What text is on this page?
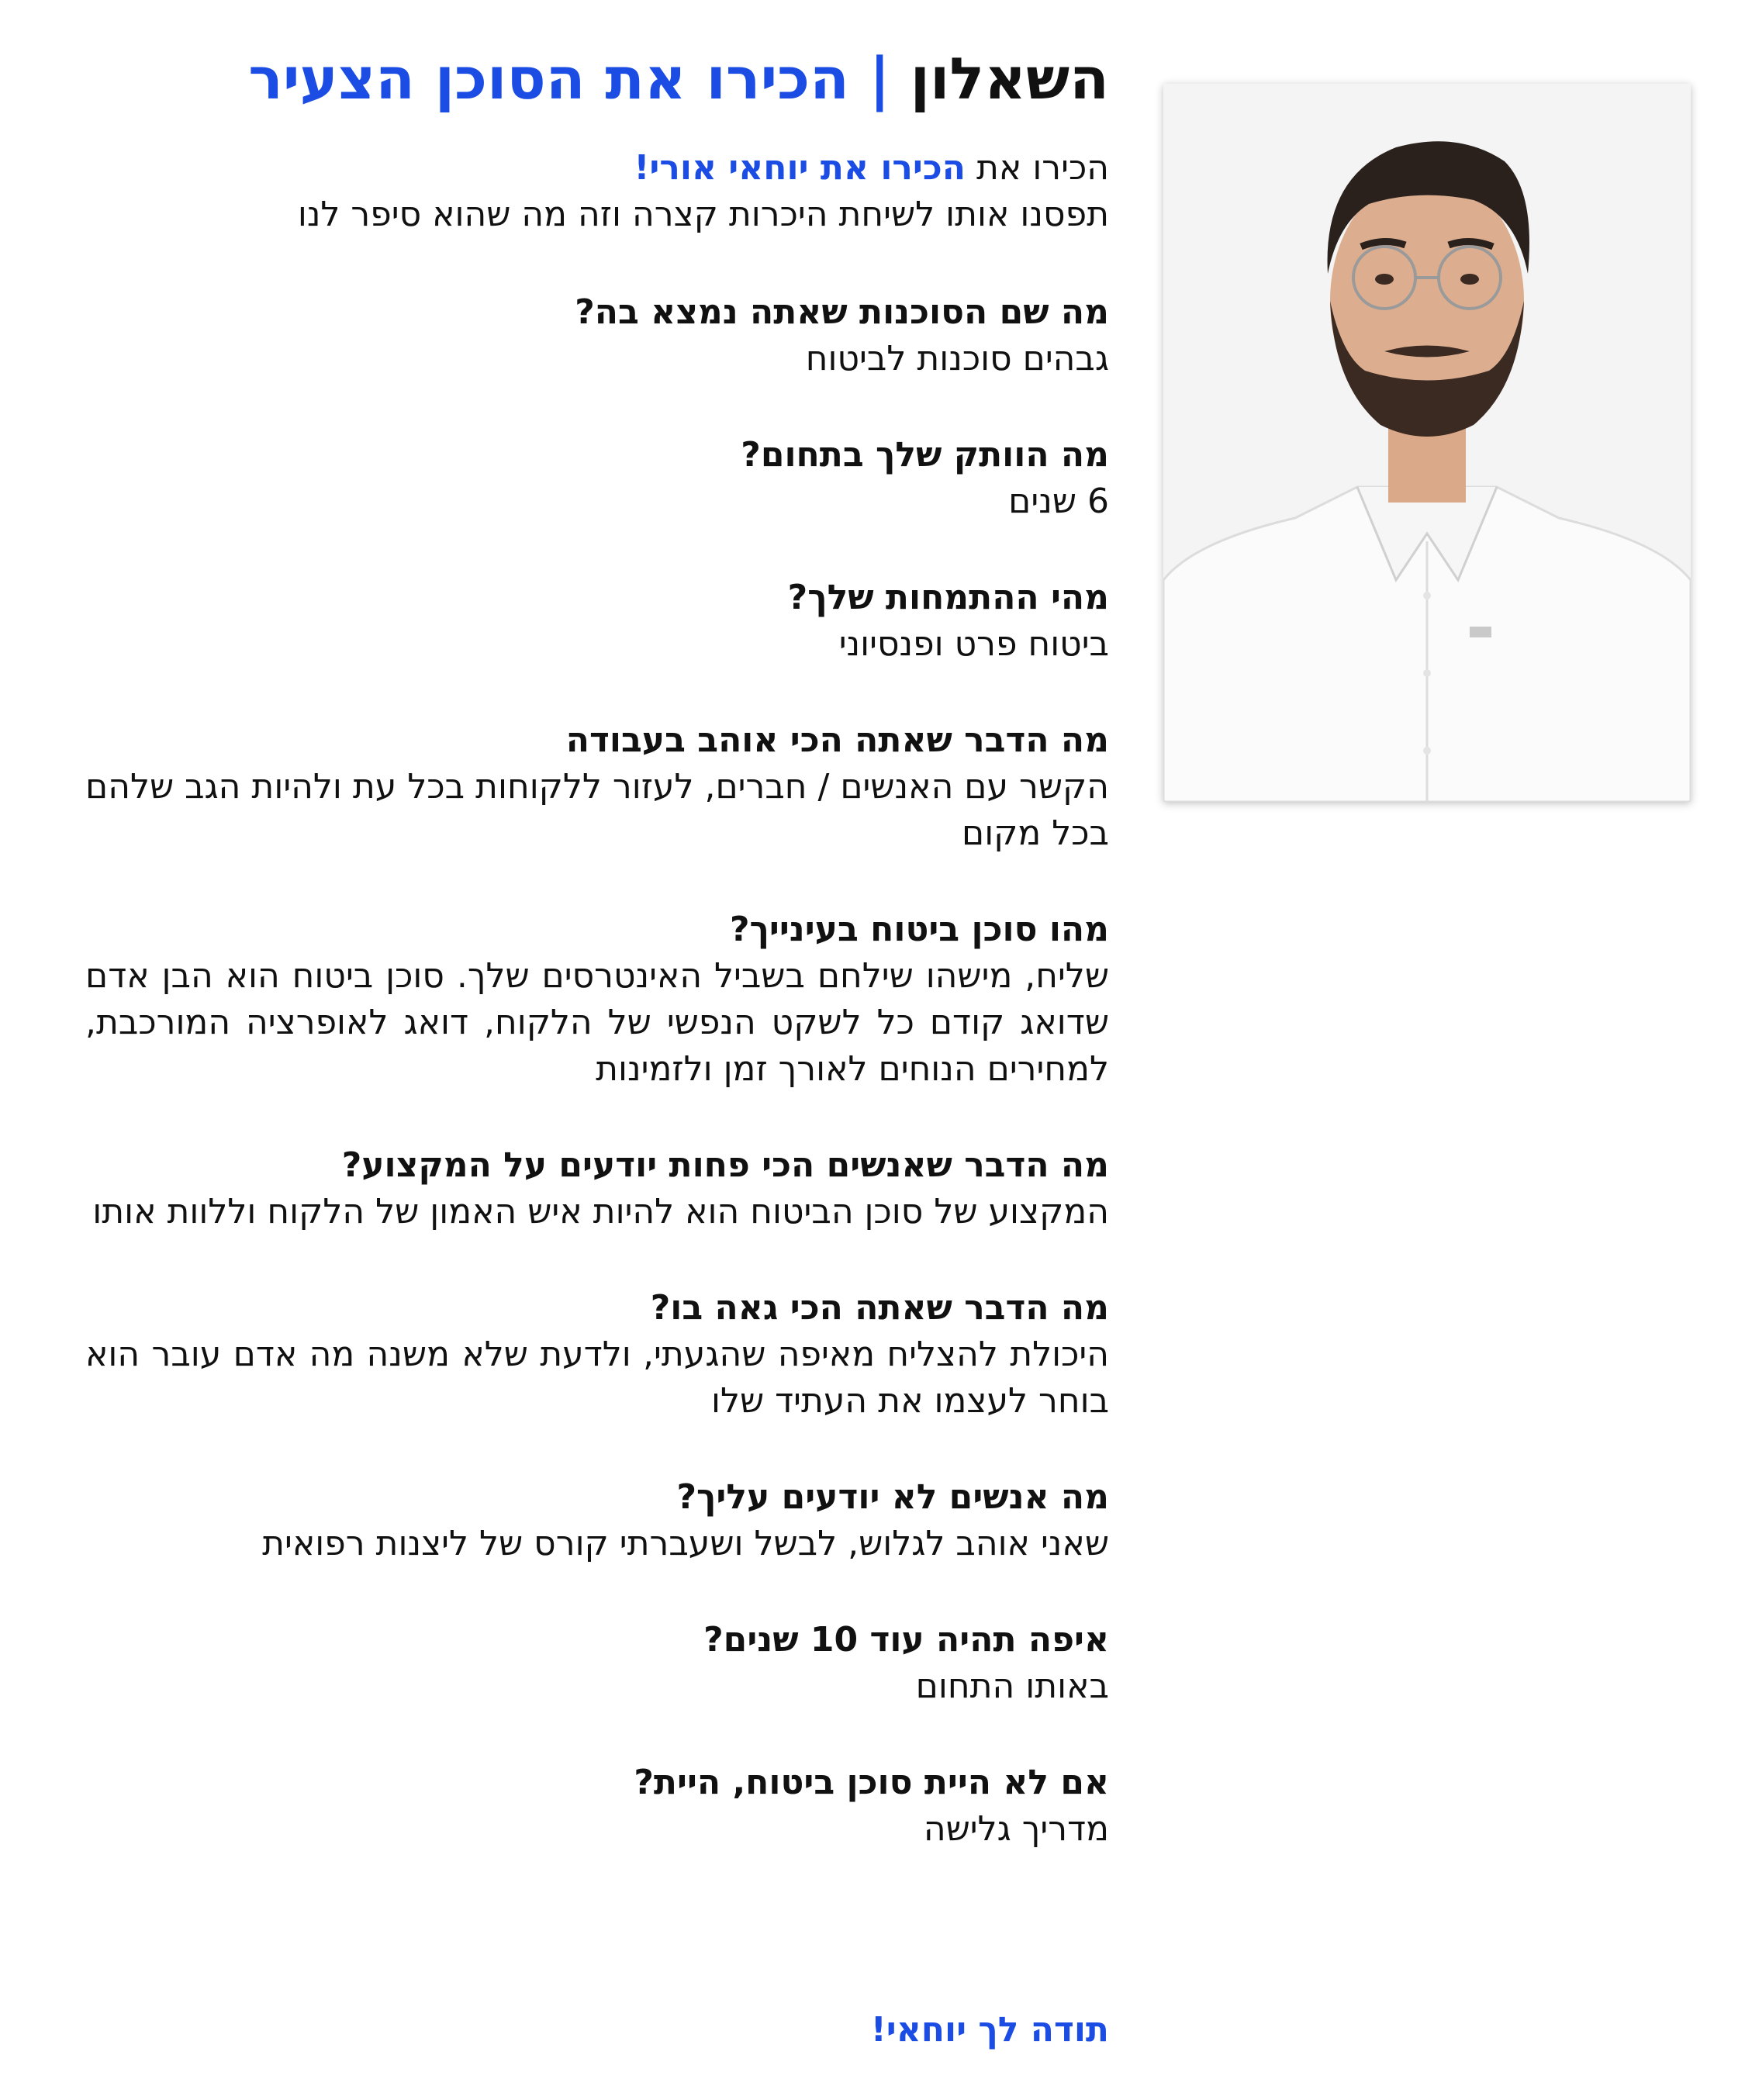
השאלון | הכירו את הסוכן הצעיר
הכירו את הכירו את יוחאי אורי!
תפסנו אותו לשיחת היכרות קצרה וזה מה שהוא סיפר לנו
מה שם הסוכנות שאתה נמצא בה?
גבהים סוכנות לביטוח
מה הוותק שלך בתחום?
6 שנים
מהי ההתמחות שלך?
ביטוח פרט ופנסיוני
מה הדבר שאתה הכי אוהב בעבודה
הקשר עם האנשים / חברים, לעזור ללקוחות בכל עת ולהיות הגב שלהם בכל מקום
מהו סוכן ביטוח בעינייך?
שליח, מישהו שילחם בשביל האינטרסים שלך. סוכן ביטוח הוא הבן אדם שדואג קודם כל לשקט הנפשי של הלקוח, דואג לאופרציה המורכבת, למחירים הנוחים לאורך זמן ולזמינות
מה הדבר שאנשים הכי פחות יודעים על המקצוע?
המקצוע של סוכן הביטוח הוא להיות איש האמון של הלקוח וללוות אותו
מה הדבר שאתה הכי גאה בו?
היכולת להצליח מאיפה שהגעתי, ולדעת שלא משנה מה אדם עובר הוא בוחר לעצמו את העתיד שלו
מה אנשים לא יודעים עליך?
שאני אוהב לגלוש, לבשל ושעברתי קורס של ליצנות רפואית
איפה תהיה עוד 10 שנים?
באותו התחום
אם לא היית סוכן ביטוח, היית?
מדריך גלישה
תודה לך יוחאי!
